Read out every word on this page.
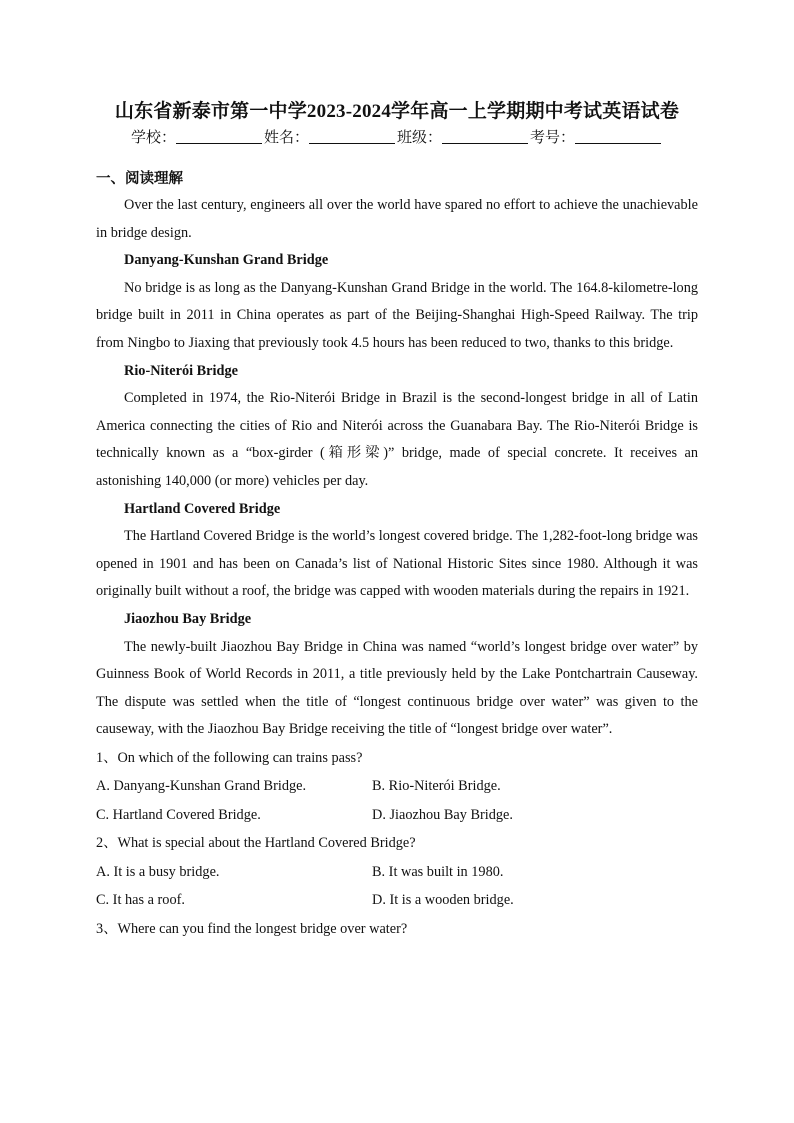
山东省新泰市第一中学2023-2024学年高一上学期期中考试英语试卷
学校：	姓名：	班级：	考号：
一、阅读理解

Over the last century, engineers all over the world have spared no effort to achieve the unachievable in bridge design.

Danyang-Kunshan Grand Bridge

No bridge is as long as the Danyang-Kunshan Grand Bridge in the world. The 164.8-kilometre-long bridge built in 2011 in China operates as part of the Beijing-Shanghai High-Speed Railway. The trip from Ningbo to Jiaxing that previously took 4.5 hours has been reduced to two, thanks to this bridge.

Rio-Niterói Bridge

Completed in 1974, the Rio-Niterói Bridge in Brazil is the second-longest bridge in all of Latin America connecting the cities of Rio and Niterói across the Guanabara Bay. The Rio-Niterói Bridge is technically known as a “box-girder (箱形梁)” bridge, made of special concrete. It receives an astonishing 140,000 (or more) vehicles per day.

Hartland Covered Bridge

The Hartland Covered Bridge is the world’s longest covered bridge. The 1,282-foot-long bridge was opened in 1901 and has been on Canada’s list of National Historic Sites since 1980. Although it was originally built without a roof, the bridge was capped with wooden materials during the repairs in 1921.

Jiaozhou Bay Bridge

The newly-built Jiaozhou Bay Bridge in China was named “world’s longest bridge over water” by Guinness Book of World Records in 2011, a title previously held by the Lake Pontchartrain Causeway. The dispute was settled when the title of “longest continuous bridge over water” was given to the causeway, with the Jiaozhou Bay Bridge receiving the title of “longest bridge over water”.

1、On which of the following can trains pass?

A. Danyang-Kunshan Grand Bridge.	B. Rio-Niterói Bridge.
C. Hartland Covered Bridge.	D. Jiaozhou Bay Bridge.

2、What is special about the Hartland Covered Bridge?

A. It is a busy bridge.	B. It was built in 1980.
C. It has a roof.	D. It is a wooden bridge.

3、Where can you find the longest bridge over water?
